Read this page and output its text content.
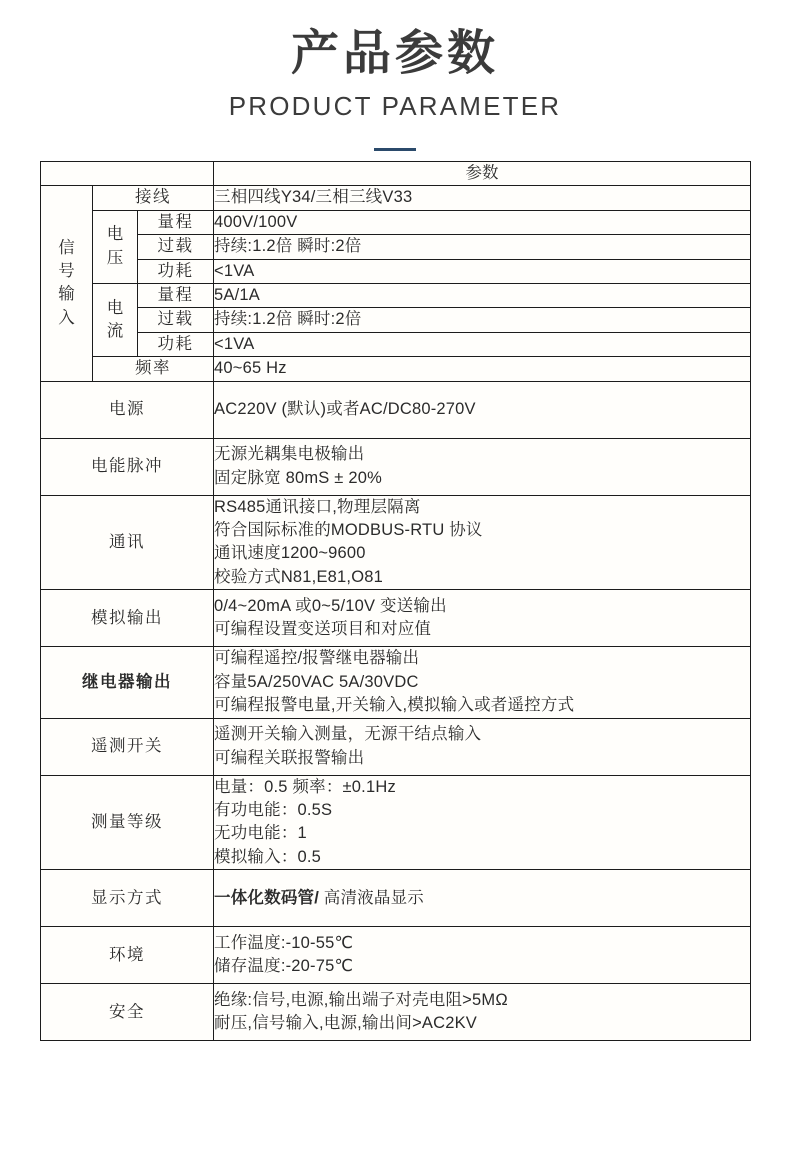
产品参数
PRODUCT PARAMETER
			参数

信号输入	接线		三相四线Y34/三相三线V33

	电压	量程	400V/100V
		过载	持续:1.2倍 瞬时:2倍
		功耗	<1VA

	电流	量程	5A/1A
		过载	持续:1.2倍 瞬时:2倍
		功耗	<1VA
	频率		40~65 Hz
电源			AC220V (默认)或者AC/DC80-270V

电能脉冲			无源光耦集电极输出
固定脉宽 80mS ± 20%

通讯			RS485通讯接口,物理层隔离
符合国际标准的MODBUS-RTU 协议
通讯速度1200~9600
校验方式N81,E81,O81

模拟输出			0/4~20mA 或0~5/10V 变送输出
可编程设置变送项目和对应值

继电器输出			可编程遥控/报警继电器输出
容量5A/250VAC 5A/30VDC
可编程报警电量,开关输入,模拟输入或者遥控方式

遥测开关			遥测开关输入测量，无源干结点输入
可编程关联报警输出

测量等级			电量：0.5 频率：±0.1Hz
有功电能：0.5S
无功电能：1
模拟输入：0.5

显示方式			一体化数码管/ 高清液晶显示
环境			工作温度:-10-55℃
储存温度:-20-75℃

安全			绝缘:信号,电源,输出端子对壳电阻>5MΩ
耐压,信号输入,电源,输出间>AC2KV
